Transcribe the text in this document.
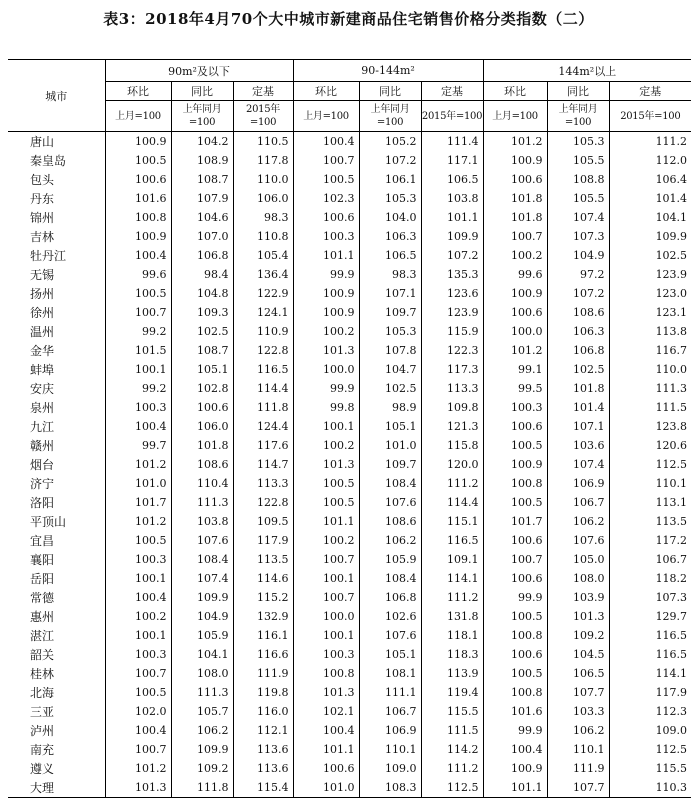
表3：2018年4月70个大中城市新建商品住宅销售价格分类指数（二）
城市	90m²及以下			90-144m²			144m²以上		
	环比	同比	定基	环比	同比	定基	环比	同比	定基
	上月=100	上年同月=100	2015年=100	上月=100	上年同月=100	2015年=100	上月=100	上年同月=100	2015年=100
唐山	100.9	104.2	110.5	100.4	105.2	111.4	101.2	105.3	111.2
秦皇岛	100.5	108.9	117.8	100.7	107.2	117.1	100.9	105.5	112.0
包头	100.6	108.7	110.0	100.5	106.1	106.5	100.6	108.8	106.4
丹东	101.6	107.9	106.0	102.3	105.3	103.8	101.8	105.5	101.4
锦州	100.8	104.6	98.3	100.6	104.0	101.1	101.8	107.4	104.1
吉林	100.9	107.0	110.8	100.3	106.3	109.9	100.7	107.3	109.9
牡丹江	100.4	106.8	105.4	101.1	106.5	107.2	100.2	104.9	102.5
无锡	99.6	98.4	136.4	99.9	98.3	135.3	99.6	97.2	123.9
扬州	100.5	104.8	122.9	100.9	107.1	123.6	100.9	107.2	123.0
徐州	100.7	109.3	124.1	100.9	109.7	123.9	100.6	108.6	123.1
温州	99.2	102.5	110.9	100.2	105.3	115.9	100.0	106.3	113.8
金华	101.5	108.7	122.8	101.3	107.8	122.3	101.2	106.8	116.7
蚌埠	100.1	105.1	116.5	100.0	104.7	117.3	99.1	102.5	110.0
安庆	99.2	102.8	114.4	99.9	102.5	113.3	99.5	101.8	111.3
泉州	100.3	100.6	111.8	99.8	98.9	109.8	100.3	101.4	111.5
九江	100.4	106.0	124.4	100.1	105.1	121.3	100.6	107.1	123.8
赣州	99.7	101.8	117.6	100.2	101.0	115.8	100.5	103.6	120.6
烟台	101.2	108.6	114.7	101.3	109.7	120.0	100.9	107.4	112.5
济宁	101.0	110.4	113.3	100.5	108.4	111.2	100.8	106.9	110.1
洛阳	101.7	111.3	122.8	100.5	107.6	114.4	100.5	106.7	113.1
平顶山	101.2	103.8	109.5	101.1	108.6	115.1	101.7	106.2	113.5
宜昌	100.5	107.6	117.9	100.2	106.2	116.5	100.6	107.6	117.2
襄阳	100.3	108.4	113.5	100.7	105.9	109.1	100.7	105.0	106.7
岳阳	100.1	107.4	114.6	100.1	108.4	114.1	100.6	108.0	118.2
常德	100.4	109.9	115.2	100.7	106.8	111.2	99.9	103.9	107.3
惠州	100.2	104.9	132.9	100.0	102.6	131.8	100.5	101.3	129.7
湛江	100.1	105.9	116.1	100.1	107.6	118.1	100.8	109.2	116.5
韶关	100.3	104.1	116.6	100.3	105.1	118.3	100.6	104.5	116.5
桂林	100.7	108.0	111.9	100.8	108.1	113.9	100.5	106.5	114.1
北海	100.5	111.3	119.8	101.3	111.1	119.4	100.8	107.7	117.9
三亚	102.0	105.7	116.0	102.1	106.7	115.5	101.6	103.3	112.3
泸州	100.4	106.2	112.1	100.4	106.9	111.5	99.9	106.2	109.0
南充	100.7	109.9	113.6	101.1	110.1	114.2	100.4	110.1	112.5
遵义	101.2	109.2	113.6	100.6	109.0	111.2	100.9	111.9	115.5
大理	101.3	111.8	115.4	101.0	108.3	112.5	101.1	107.7	110.3
